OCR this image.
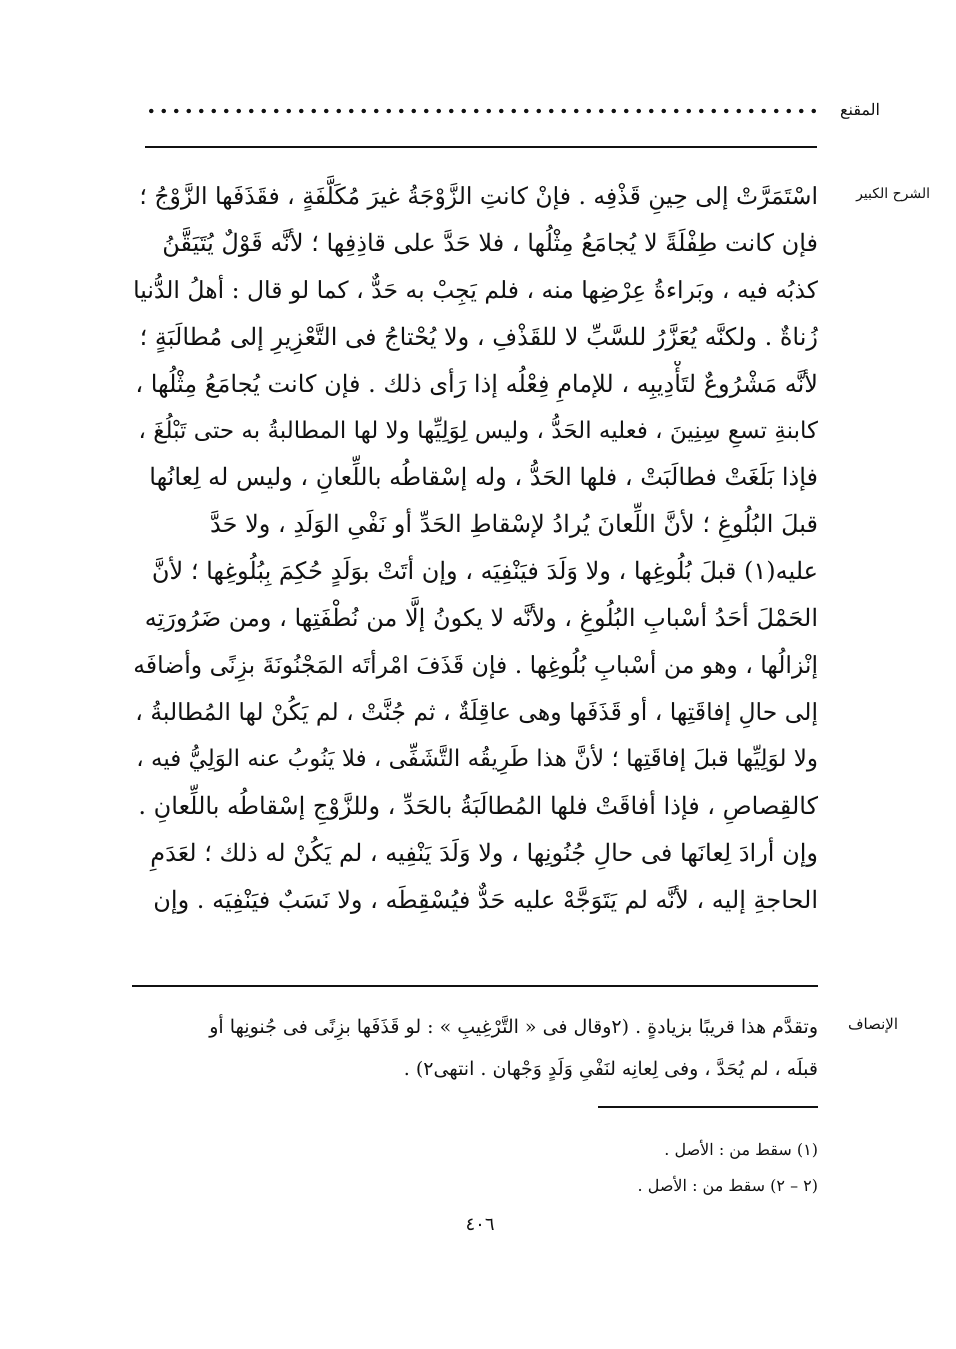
المقنع
الشرح الكبير
اسْتَمَرَّتْ إلى حِينِ قَذْفِه . فإنْ كانتِ الزَّوْجَةُ غيرَ مُكَلَّفَةٍ ، فقَذَفَها الزَّوْجُ ؛
فإن كانت طِفْلَةً لا يُجامَعُ مِثْلُها ، فلا حَدَّ على قاذِفِها ؛ لأنَّه قَوْلٌ يُتَيَقَّنُ
كذبُه فيه ، وبَراءةُ عِرْضِها منه ، فلم يَجِبْ به حَدٌّ ، كما لو قال : أهلُ الدُّنيا
زُناةٌ . ولكنَّه يُعَزَّرُ للسَّبِّ لا للقَذْفِ ، ولا يُحْتاجُ فى التَّعْزِيرِ إلى مُطالَبَةٍ ؛
لأنَّه مَشْرُوعٌ لتَأْدِيبِه ، للإمامِ فِعْلُه إذا رَأى ذلك . فإن كانت يُجامَعُ مِثْلُها ،
كابنةِ تسعِ سِنِينَ ، فعليه الحَدُّ ، وليس لِوَلِيِّها ولا لها المطالبةُ به حتى تَبْلُغَ ،
فإذا بَلَغَتْ فطالَبَتْ ، فلها الحَدُّ ، وله إسْقاطُه باللِّعانِ ، وليس له لِعانُها
قبلَ البُلُوغِ ؛ لأنَّ اللِّعانَ يُرادُ لإسْقاطِ الحَدِّ أو نَفْىِ الوَلَدِ ، ولا حَدَّ
عليه(١) قبلَ بُلُوغِها ، ولا وَلَدَ فيَنْفِيَه ، وإن أتَتْ بوَلَدٍ حُكِمَ بِبُلُوغِها ؛ لأنَّ
الحَمْلَ أحَدُ أسْبابِ البُلُوغِ ، ولأنَّه لا يكونُ إلَّا من نُطْفَتِها ، ومن ضَرُورَتِه
إنْزالُها ، وهو من أسْبابِ بُلُوغِها . فإن قَذَفَ امْرأتَه المَجْنُونَةَ بزِنًى وأضافَه
إلى حالِ إفاقَتِها ، أو قَذَفَها وهى عاقِلَةٌ ، ثم جُنَّتْ ، لم يَكُنْ لها المُطالبةُ ،
ولا لوَلِيِّها قبلَ إفاقَتِها ؛ لأنَّ هذا طَرِيقُه التَّشَفِّى ، فلا يَنُوبُ عنه الوَلِيُّ فيه ،
كالقِصاصِ ، فإذا أفاقَتْ فلها المُطالَبَةُ بالحَدِّ ، وللزَّوْجِ إسْقاطُه باللِّعانِ .
وإن أرادَ لِعانَها فى حالِ جُنُونِها ، ولا وَلَدَ يَنْفِيه ، لم يَكُنْ له ذلك ؛ لعَدَمِ
الحاجةِ إليه ، لأنَّه لم يَتَوَجَّهْ عليه حَدٌّ فيُسْقِطَه ، ولا نَسَبٌ فيَنْفِيَه . وإن
الإنصاف
وتقدَّم هذا قريبًا بزيادةٍ . (٢وقال فى « التَّرْغِيبِ » : لو قَذَفَها بزِنًى فى جُنونِها أو
قبلَه ، لم يُحَدَّ ، وفى لِعانِه لنَفْىِ وَلَدٍ وَجْهان . انتهى٢) .
(١) سقط من : الأصل .
(٢ – ٢) سقط من : الأصل .
٤٠٦
